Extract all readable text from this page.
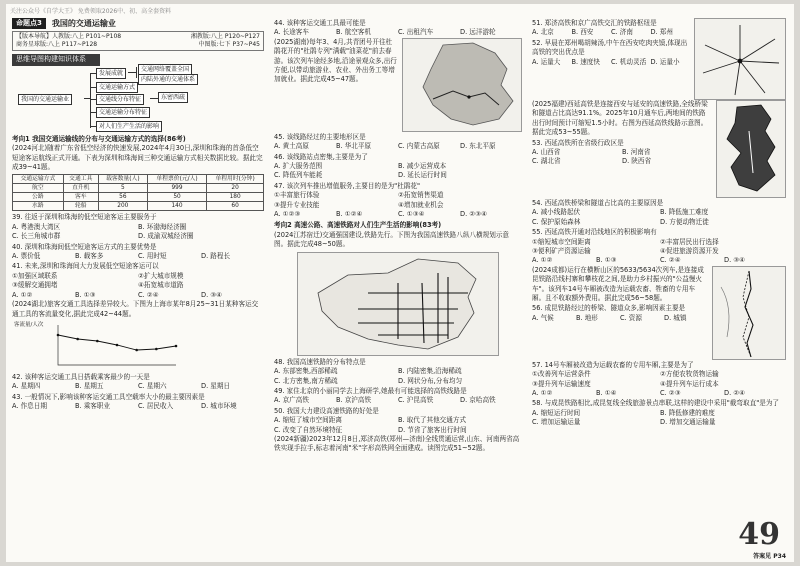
关注公众号《自学大王》 免费领取2026中、初、高全套资料
命题点3	我国的交通运输业
【版本导航】人教版:八上 P101~P108	湘教版:八上 P120~P127
商务星球版:八上 P117~P128	中图版:七下 P37~P45
思维导图构建知识体系
我国的交通运输业
发展成就
交通网络覆盖全国
内陆外通的交通体系
交通运输方式
交通线分布特征	东密西疏
交通运输分布特征
对人们生产生活的影响

考向1 我国交通运输线的分布与交通运输方式的选择(86考)

(2024河北)随着广东省低空经济的快速发展,2024年4月30日,深圳和珠海的首条低空短途客运航线正式开通。下表为深圳和珠海间三种交通运输方式相关数据比较。据此完成39~41题。

交通运输方式	交通工具	载客数量(人)	单程票价(元/人)	单程用时(分钟)
航空	直升机	5	999	20
公路	客车	56	50	180
水路	轮船	200	140	60

39. 往返于深圳和珠海的低空短途客运主要服务于

A. 粤港澳大湾区	B. 环渤海经济圈
C. 长三角城市群	D. 成渝双城经济圈

40. 深圳和珠海间低空短途客运方式的主要优势是

A. 票价低	B. 载客多	C. 用时短	D. 路程长

41. 未来,深圳和珠海间大力发展低空短途客运可以

①加强区域联系	②扩大城市规模
③缓解交通拥堵	④拓宽城市道路
A. ①②	B. ①③	C. ②④	D. ③④

(2024湖北)旅客交通工具选择差异较大。下图为上海市某年8月25~31日某种客运交通工具的客流量变化,据此完成42~44题。

客流量/人次

42. 该种客运交通工具日搭载乘客最少的一天是

A. 星期四	B. 星期五	C. 星期六	D. 星期日

43. 一般情况下,影响该种客运交通工具空载率大小的最主要因素是

A. 作息日期	B. 乘客职业	C. 居民收入	D. 城市环境

44. 该种客运交通工具最可能是

A. 长途客车	B. 航空客机	C. 出租汽车	D. 远洋游轮

(2025湖南)每年3、4月,共青团号开往杜鹃花开的"杜鹃专列"满载"油菜花"前去春游。该次列车途经多地,沿途景观众多,出行方便,以带动旅游业、农业、外出务工等增加就业。据此完成45~47题。

45. 该线路经过的主要地形区是

A. 黄土高原	B. 华北平原	C. 内蒙古高原	D. 东北平原

46. 该线路站点密集,主要是为了

A. 扩大服务范围	B. 减少运营成本
C. 降低列车能耗	D. 延长运行时间

47. 该次列车推出增值服务,主要目的是为"杜鹃花"

①丰富旅行体验	②拓宽销售渠道
③提升专业技能	④增加就业机会
A. ①②③	B. ①②④	C. ①③④	D. ②③④

考向2 高速公路、高速铁路对人们生产生活的影响(83考)

(2024江苏宿迁)交通强国建设,铁路先行。下图为我国高速铁路八纵八横规划示意图。据此完成48~50题。

48. 我国高速铁路的分布特点是

A. 东部密集,西部稀疏	B. 内陆密集,沿海稀疏
C. 北方密集,南方稀疏	D. 网状分布,分布均匀

49. 家住北京的小丽同学去上海研学,她最有可能选择的高铁线路是

A. 京广高铁	B. 京沪高铁	C. 沪昆高铁	D. 京哈高铁

50. 我国大力建设高速铁路的好处是

A. 缩短了城市空间距离	B. 取代了其他交通方式
C. 改变了自然环境特征	D. 节省了旅客出行时间

(2024新疆)2023年12月8日,郑济高铁(郑州—济南)全线贯通运营,山东、河南两省高铁实现手拉手,标志着河南"米"字形高铁网全面建成。读图完成51~52题。

51. 郑济高铁和京广高铁交汇的铁路枢纽是

A. 北京	B. 西安	C. 济南	D. 郑州

52. 早晨在郑州喝胡辣汤,中午在西安吃肉夹馍,体现出高铁的突出优点是

A. 运量大	B. 速度快	C. 机动灵活 D. 运量小

(2025福建)西延高铁是连接西安与延安的高速铁路,全线桥梁和隧道占比高达91.1%。2025年10月通车后,两地间的铁路出行时间预计可缩短1.5小时。右图为西延高铁线路示意图。据此完成53~55题。

53. 西延高铁所在省级行政区是

A. 山西省	B. 河南省
C. 湖北省	D. 陕西省

54. 西延高铁桥梁和隧道占比高的主要原因是

A. 减小线路起伏	B. 降低施工难度
C. 保护原始森林	D. 方便动物迁徙

55. 西延高铁开通对沿线地区的积极影响有

①缩短城市空间距离	②丰富居民出行选择
③便利矿产资源运输	④促进旅游资源开发
A. ①②	B. ①③	C. ②④	D. ③④

(2024成都)运行在横断山区的5633/5634次列车,是连接成昆铁路沿线村寨和攀枝花之间,是助力乡村振兴的"公益慢火车"。该列车14号车厢被改造为运载农畜、牲畜的专用车厢。且不收取额外费用。据此完成56~58题。

56. 成昆铁路经过的桥梁、隧道众多,影响因素主要是

A. 气候	B. 地形	C. 资源	D. 城镇

57. 14号车厢被改造为运载农畜的专用车厢,主要是为了

①改善列车运营条件	②方便农牧货物运输
③提升列车运输速度	④提升列车运行成本
A. ①②	B. ①④	C. ②③	D. ②④

58. 与成昆铁路相比,成昆复线全线旅游景点串联,这样的建设中采用"截弯取直"是为了

A. 缩短运行时间	B. 降低修建的难度
C. 增加运输运量	D. 增加交通运输量
49
答案见 P34
